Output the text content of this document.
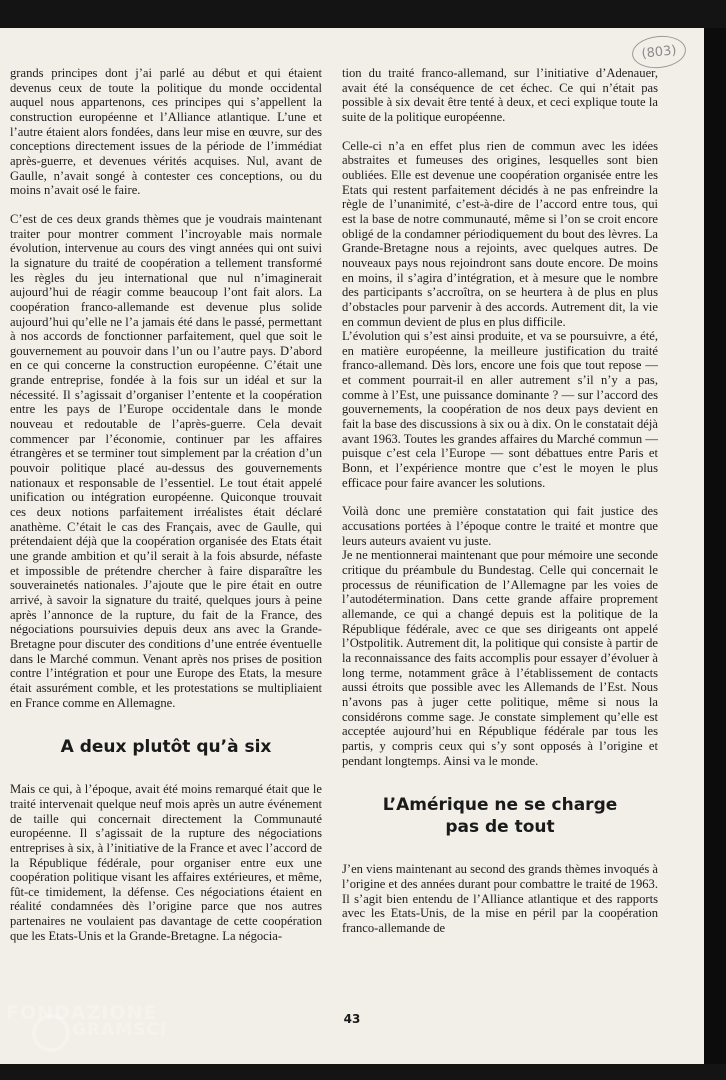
(803)

grands principes dont j’ai parlé au début et qui étaient devenus ceux de toute la politique du monde occidental auquel nous appartenons, ces principes qui s’appellent la construction européenne et l’Alliance atlantique. L’une et l’autre étaient alors fondées, dans leur mise en œuvre, sur des conceptions directement issues de la période de l’immédiat après-guerre, et devenues vérités acquises. Nul, avant de Gaulle, n’avait songé à contester ces conceptions, ou du moins n’avait osé le faire.

C’est de ces deux grands thèmes que je voudrais maintenant traiter pour montrer comment l’incroyable mais normale évolution, intervenue au cours des vingt années qui ont suivi la signature du traité de coopération a tellement transformé les règles du jeu international que nul n’imaginerait aujourd’hui de réagir comme beaucoup l’ont fait alors. La coopération franco-allemande est devenue plus solide aujourd’hui qu’elle ne l’a jamais été dans le passé, permettant à nos accords de fonctionner parfaitement, quel que soit le gouvernement au pouvoir dans l’un ou l’autre pays. D’abord en ce qui concerne la construction européenne. C’était une grande entreprise, fondée à la fois sur un idéal et sur la nécessité. Il s’agissait d’organiser l’entente et la coopération entre les pays de l’Europe occidentale dans le monde nouveau et redoutable de l’après-guerre. Cela devait commencer par l’économie, continuer par les affaires étrangères et se terminer tout simplement par la création d’un pouvoir politique placé au-dessus des gouvernements nationaux et responsable de l’essentiel. Le tout était appelé unification ou intégration européenne. Quiconque trouvait ces deux notions parfaitement irréalistes était déclaré anathème. C’était le cas des Français, avec de Gaulle, qui prétendaient déjà que la coopération organisée des Etats était une grande ambition et qu’il serait à la fois absurde, néfaste et impossible de prétendre chercher à faire disparaître les souverainetés nationales. J’ajoute que le pire était en outre arrivé, à savoir la signature du traité, quelques jours à peine après l’annonce de la rupture, du fait de la France, des négociations poursuivies depuis deux ans avec la Grande-Bretagne pour discuter des conditions d’une entrée éventuelle dans le Marché commun. Venant après nos prises de position contre l’intégration et pour une Europe des Etats, la mesure était assurément comble, et les protestations se multipliaient en France comme en Allemagne.

A deux plutôt qu’à six

Mais ce qui, à l’époque, avait été moins remarqué était que le traité intervenait quelque neuf mois après un autre événement de taille qui concernait directement la Communauté européenne. Il s’agissait de la rupture des négociations entreprises à six, à l’initiative de la France et avec l’accord de la République fédérale, pour organiser entre eux une coopération politique visant les affaires extérieures, et même, fût-ce timidement, la défense. Ces négociations étaient en réalité condamnées dès l’origine parce que nos autres partenaires ne voulaient pas davantage de cette coopération que les Etats-Unis et la Grande-Bretagne. La négocia-

tion du traité franco-allemand, sur l’initiative d’Adenauer, avait été la conséquence de cet échec. Ce qui n’était pas possible à six devait être tenté à deux, et ceci explique toute la suite de la politique européenne.

Celle-ci n’a en effet plus rien de commun avec les idées abstraites et fumeuses des origines, lesquelles sont bien oubliées. Elle est devenue une coopération organisée entre les Etats qui restent parfaitement décidés à ne pas enfreindre la règle de l’unanimité, c’est-à-dire de l’accord entre tous, qui est la base de notre communauté, même si l’on se croit encore obligé de la condamner périodiquement du bout des lèvres. La Grande-Bretagne nous a rejoints, avec quelques autres. De nouveaux pays nous rejoindront sans doute encore. De moins en moins, il s’agira d’intégration, et à mesure que le nombre des participants s’accroîtra, on se heurtera à de plus en plus d’obstacles pour parvenir à des accords. Autrement dit, la vie en commun devient de plus en plus difficile.

L’évolution qui s’est ainsi produite, et va se poursuivre, a été, en matière européenne, la meilleure justification du traité franco-allemand. Dès lors, encore une fois que tout repose — et comment pourrait-il en aller autrement s’il n’y a pas, comme à l’Est, une puissance dominante ? — sur l’accord des gouvernements, la coopération de nos deux pays devient en fait la base des discussions à six ou à dix. On le constatait déjà avant 1963. Toutes les grandes affaires du Marché commun — puisque c’est cela l’Europe — sont débattues entre Paris et Bonn, et l’expérience montre que c’est le moyen le plus efficace pour faire avancer les solutions.

Voilà donc une première constatation qui fait justice des accusations portées à l’époque contre le traité et montre que leurs auteurs avaient vu juste.

Je ne mentionnerai maintenant que pour mémoire une seconde critique du préambule du Bundestag. Celle qui concernait le processus de réunification de l’Allemagne par les voies de l’autodétermination. Dans cette grande affaire proprement allemande, ce qui a changé depuis est la politique de la République fédérale, avec ce que ses dirigeants ont appelé l’Ostpolitik. Autrement dit, la politique qui consiste à partir de la reconnaissance des faits accomplis pour essayer d’évoluer à long terme, notamment grâce à l’établissement de contacts aussi étroits que possible avec les Allemands de l’Est. Nous n’avons pas à juger cette politique, même si nous la considérons comme sage. Je constate simplement qu’elle est acceptée aujourd’hui en République fédérale par tous les partis, y compris ceux qui s’y sont opposés à l’origine et pendant longtemps. Ainsi va le monde.

L’Amérique ne se charge
pas de tout

J’en viens maintenant au second des grands thèmes invoqués à l’origine et des années durant pour combattre le traité de 1963. Il s’agit bien entendu de l’Alliance atlantique et des rapports avec les Etats-Unis, de la mise en péril par la coopération franco-allemande de

43
FONDAZIONE
GRAMSCI
